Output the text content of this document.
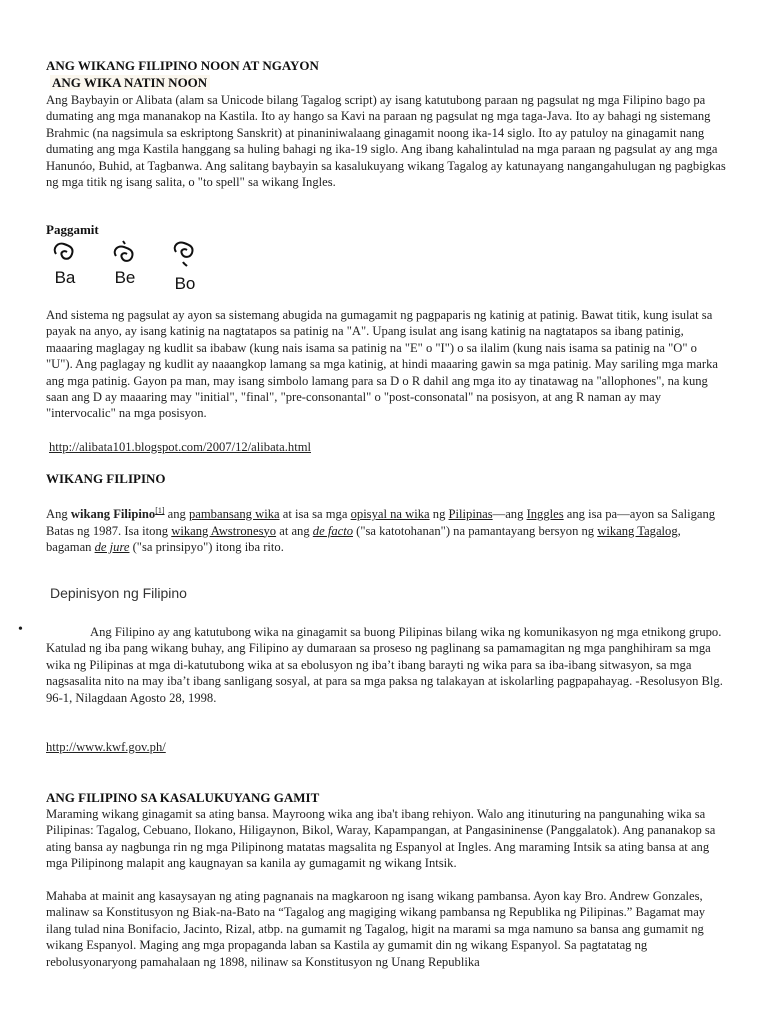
ANG WIKANG FILIPINO NOON AT NGAYON

ANG WIKA NATIN NOON

Ang Baybayin or Alibata (alam sa Unicode bilang Tagalog script) ay isang katutubong paraan ng pagsulat ng mga Filipino bago pa dumating ang mga mananakop na Kastila. Ito ay hango sa Kavi na paraan ng pagsulat ng mga taga-Java. Ito ay bahagi ng sistemang Brahmic (na nagsimula sa eskriptong Sanskrit) at pinaniniwalaang ginagamit noong ika-14 siglo. Ito ay patuloy na ginagamit nang dumating ang mga Kastila hanggang sa huling bahagi ng ika-19 siglo. Ang ibang kahalintulad na mga paraan ng pagsulat ay ang mga Hanunóo, Buhid, at Tagbanwa. Ang salitang baybayin sa kasalukuyang wikang Tagalog ay katunayang nangangahulugan ng pagbigkas ng mga titik ng isang salita, o "to spell" sa wikang Ingles.

Paggamit

Ba	Be	Bo

And sistema ng pagsulat ay ayon sa sistemang abugida na gumagamit ng pagpaparis ng katinig at patinig. Bawat titik, kung isulat sa payak na anyo, ay isang katinig na nagtatapos sa patinig na "A". Upang isulat ang isang katinig na nagtatapos sa ibang patinig, maaaring maglagay ng kudlit sa ibabaw (kung nais isama sa patinig na "E" o "I") o sa ilalim (kung nais isama sa patinig na "O" o "U"). Ang paglagay ng kudlit ay naaangkop lamang sa mga katinig, at hindi maaaring gawin sa mga patinig. May sariling mga marka ang mga patinig. Gayon pa man, may isang simbolo lamang para sa D o R dahil ang mga ito ay tinatawag na "allophones", na kung saan ang D ay maaaring may "initial", "final", "pre-consonantal" o "post-consonatal" na posisyon, at ang R naman ay may "intervocalic" na mga posisyon.

http://alibata101.blogspot.com/2007/12/alibata.html

WIKANG FILIPINO

Ang wikang Filipino[1] ang pambansang wika at isa sa mga opisyal na wika ng Pilipinas—ang Inggles ang isa pa—ayon sa Saligang Batas ng 1987. Isa itong wikang Awstronesyo at ang de facto ("sa katotohanan") na pamantayang bersyon ng wikang Tagalog, bagaman de jure ("sa prinsipyo") itong iba rito.

Depinisyon ng Filipino
•	Ang Filipino ay ang katutubong wika na ginagamit sa buong Pilipinas bilang wika ng komunikasyon ng mga etnikong grupo. Katulad ng iba pang wikang buhay, ang Filipino ay dumaraan sa proseso ng paglinang sa pamamagitan ng mga panghihiram sa mga wika ng Pilipinas at mga di-katutubong wika at sa ebolusyon ng iba’t ibang barayti ng wika para sa iba-ibang sitwasyon, sa mga nagsasalita nito na may iba’t ibang sanligang sosyal, at para sa mga paksa ng talakayan at iskolarling pagpapahayag. -Resolusyon Blg. 96-1, Nilagdaan Agosto 28, 1998.

http://www.kwf.gov.ph/

ANG FILIPINO SA KASALUKUYANG GAMIT

Maraming wikang ginagamit sa ating bansa. Mayroong wika ang iba't ibang rehiyon. Walo ang itinuturing na pangunahing wika sa Pilipinas: Tagalog, Cebuano, Ilokano, Hiligaynon, Bikol, Waray, Kapampangan, at Pangasininense (Panggalatok). Ang pananakop sa ating bansa ay nagbunga rin ng mga Pilipinong matatas magsalita ng Espanyol at Ingles. Ang maraming Intsik sa ating bansa at ang mga Pilipinong malapit ang kaugnayan sa kanila ay gumagamit ng wikang Intsik.

Mahaba at mainit ang kasaysayan ng ating pagnanais na magkaroon ng isang wikang pambansa. Ayon kay Bro. Andrew Gonzales, malinaw sa Konstitusyon ng Biak-na-Bato na “Tagalog ang magiging wikang pambansa ng Republika ng Pilipinas.” Bagamat may ilang tulad nina Bonifacio, Jacinto, Rizal, atbp. na gumamit ng Tagalog, higit na marami sa mga namuno sa bansa ang gumamit ng wikang Espanyol. Maging ang mga propaganda laban sa Kastila ay gumamit din ng wikang Espanyol. Sa pagtatatag ng rebolusyonaryong pamahalaan ng 1898, nilinaw sa Konstitusyon ng Unang Republika
